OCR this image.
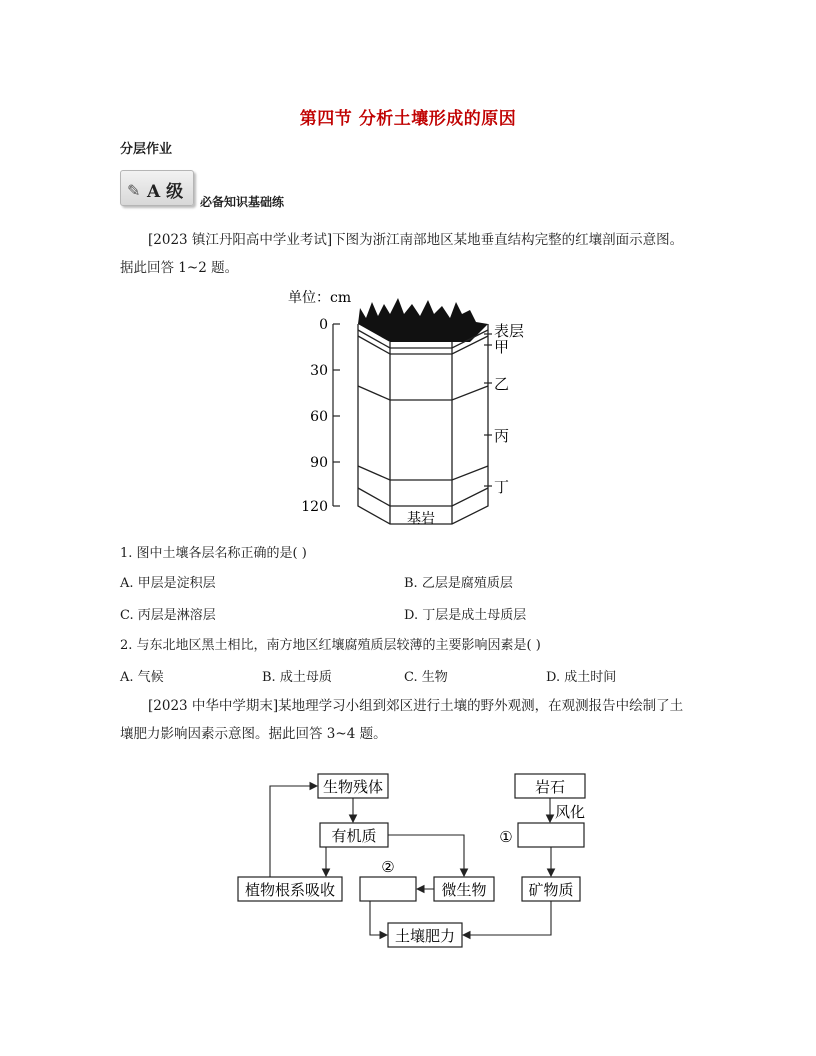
第四节 分析土壤形成的原因
分层作业
✎ A 级 必备知识基础练
[2023 镇江丹阳高中学业考试]下图为浙江南部地区某地垂直结构完整的红壤剖面示意图。
据此回答 1~2 题。
单位：cm
0
30
60
90
120
基岩
表层
甲
乙
丙
丁
1. 图中土壤各层名称正确的是( )
A. 甲层是淀积层	B. 乙层是腐殖质层
C. 丙层是淋溶层	D. 丁层是成土母质层
2. 与东北地区黑土相比，南方地区红壤腐殖质层较薄的主要影响因素是( )
A. 气候	B. 成土母质	C. 生物	D. 成土时间
[2023 中华中学期末]某地理学习小组到郊区进行土壤的野外观测，在观测报告中绘制了土
壤肥力影响因素示意图。据此回答 3~4 题。
生物残体
有机质
植物根系吸收
②
微生物
岩石
风化
①
矿物质
土壤肥力
